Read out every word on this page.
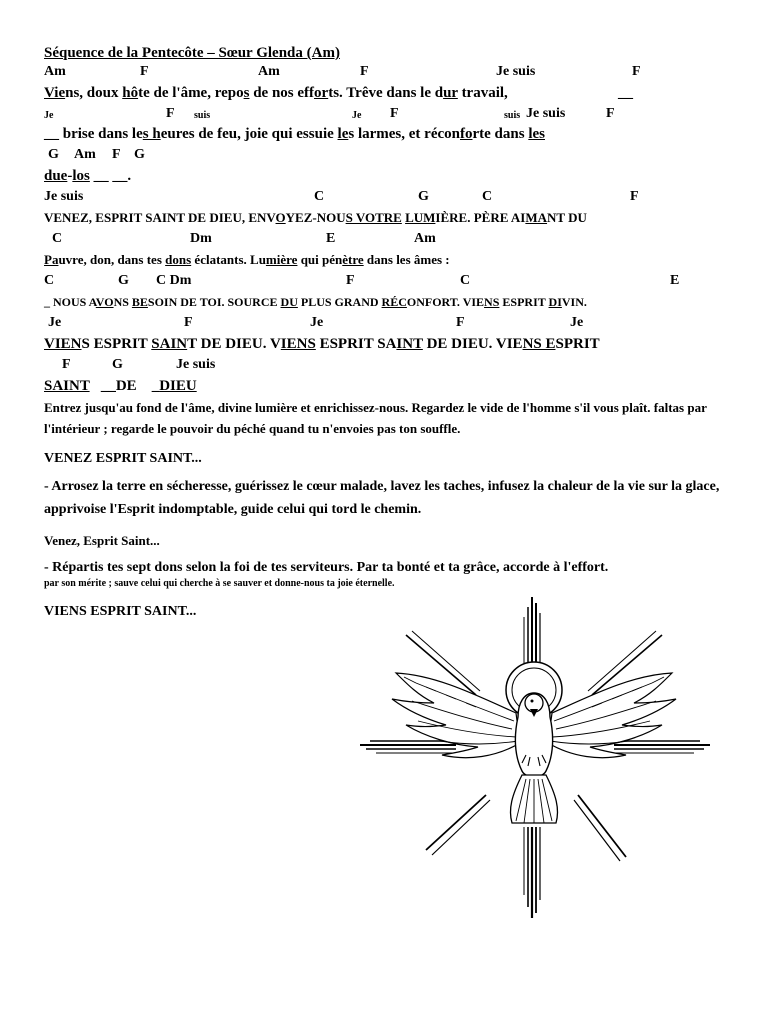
Séquence de la Pentecôte – Sœur Glenda (Am)
Am	F	Am	F	Je suis	F
Viens, doux hôte de l'âme, repos de nos efforts. Trêve dans le dur travail,	__
Je	F suis	Je F	suis Je suis	F
__ brise dans les heures de feu, joie qui essuie les larmes, et réconforte dans les
G Am F G
due-los __ __.
Je suis	C	G	C	F
VENEZ, ESPRIT SAINT DE DIEU, ENVOYEZ-NOUS VOTRE LUMIÈRE. PÈRE AIMANT DU
C	Dm	E	Am
Pauvre, don, dans tes dons éclatants. Lumière qui pénètre dans les âmes :
C	G C Dm	F	C	E
_ NOUS AVONS BESOIN DE TOI. SOURCE DU PLUS GRAND RÉCONFORT. VIENS ESPRIT DIVIN.
Je	F	Je	F	Je
VIENS ESPRIT SAINT DE DIEU. VIENS ESPRIT SAINT DE DIEU. VIENS ESPRIT
F	G	Je suis
SAINT   __DE    _DIEU
Entrez jusqu'au fond de l'âme, divine lumière et enrichissez-nous. Regardez le vide de l'homme s'il vous plaît. faltas par l'intérieur ; regarde le pouvoir du péché quand tu n'envoies pas ton souffle.
VENEZ ESPRIT SAINT...
- Arrosez la terre en sécheresse, guérissez le cœur malade, lavez les taches, infusez la chaleur de la vie sur la glace, apprivoise l'Esprit indomptable, guide celui qui tord le chemin.
Venez, Esprit Saint...
- Répartis tes sept dons selon la foi de tes serviteurs. Par ta bonté et ta grâce, accorde à l'effort.
par son mérite ; sauve celui qui cherche à se sauver et donne-nous ta joie éternelle.
VIENS ESPRIT SAINT...
